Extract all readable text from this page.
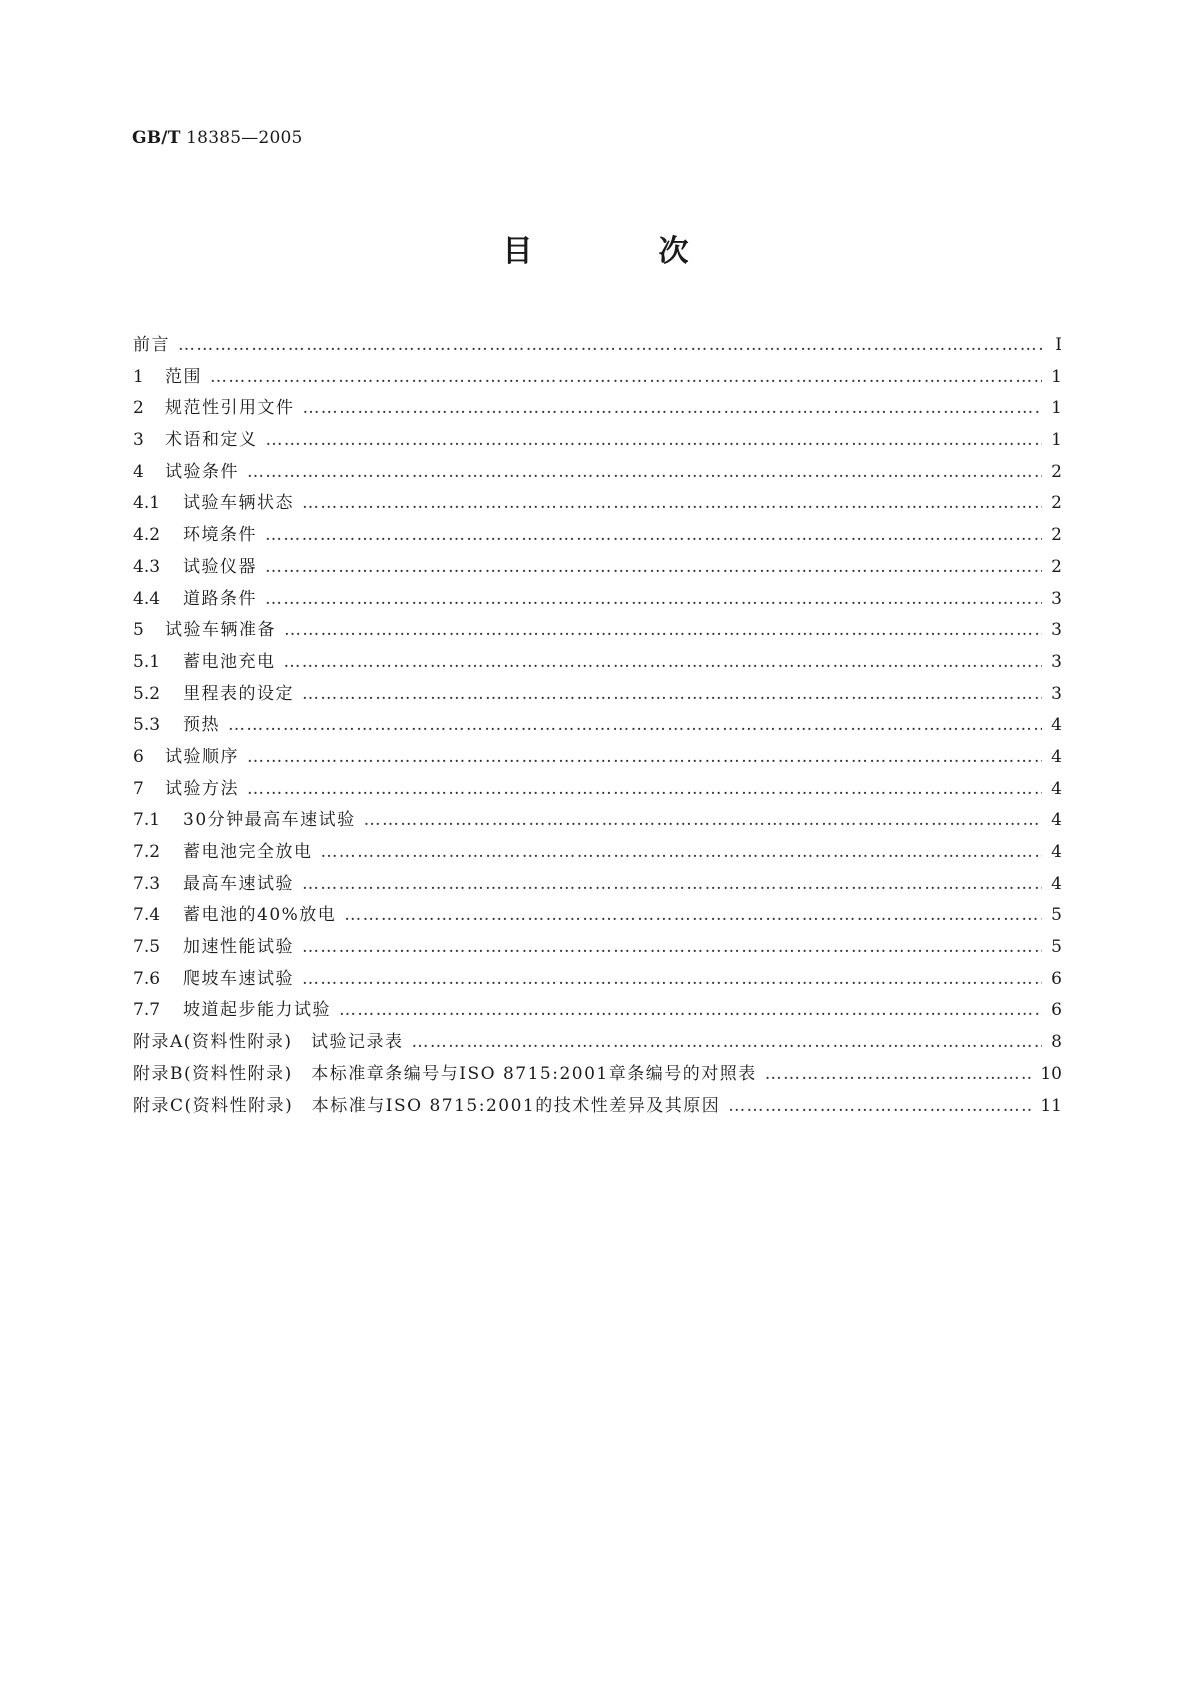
GB/T 18385—2005
目　次
前言 ……………………………………………………………………………………………………………………………………………………………………………………	Ⅰ
1	范围 ……………………………………………………………………………………………………………………………………………………………………………………	1
2	规范性引用文件 ……………………………………………………………………………………………………………………………………………………………………………………	1
3	术语和定义 ……………………………………………………………………………………………………………………………………………………………………………………	1
4	试验条件 ……………………………………………………………………………………………………………………………………………………………………………………	2
4.1	试验车辆状态 ……………………………………………………………………………………………………………………………………………………………………………………	2
4.2	环境条件 ……………………………………………………………………………………………………………………………………………………………………………………	2
4.3	试验仪器 ……………………………………………………………………………………………………………………………………………………………………………………	2
4.4	道路条件 ……………………………………………………………………………………………………………………………………………………………………………………	3
5	试验车辆准备 ……………………………………………………………………………………………………………………………………………………………………………………	3
5.1	蓄电池充电 ……………………………………………………………………………………………………………………………………………………………………………………	3
5.2	里程表的设定 ……………………………………………………………………………………………………………………………………………………………………………………	3
5.3	预热 ……………………………………………………………………………………………………………………………………………………………………………………	4
6	试验顺序 ……………………………………………………………………………………………………………………………………………………………………………………	4
7	试验方法 ……………………………………………………………………………………………………………………………………………………………………………………	4
7.1	30分钟最高车速试验 ……………………………………………………………………………………………………………………………………………………………………………………	4
7.2	蓄电池完全放电 ……………………………………………………………………………………………………………………………………………………………………………………	4
7.3	最高车速试验 ……………………………………………………………………………………………………………………………………………………………………………………	4
7.4	蓄电池的40%放电 ……………………………………………………………………………………………………………………………………………………………………………………	5
7.5	加速性能试验 ……………………………………………………………………………………………………………………………………………………………………………………	5
7.6	爬坡车速试验 ……………………………………………………………………………………………………………………………………………………………………………………	6
7.7	坡道起步能力试验 ……………………………………………………………………………………………………………………………………………………………………………………	6
附录A(资料性附录)　试验记录表 ……………………………………………………………………………………………………………………………………………………………………………………	8
附录B(资料性附录)　本标准章条编号与ISO 8715:2001章条编号的对照表 ……………………………………………………………………………………………………………………………………………………………………………………	10
附录C(资料性附录)　本标准与ISO 8715:2001的技术性差异及其原因 ……………………………………………………………………………………………………………………………………………………………………………………	11
